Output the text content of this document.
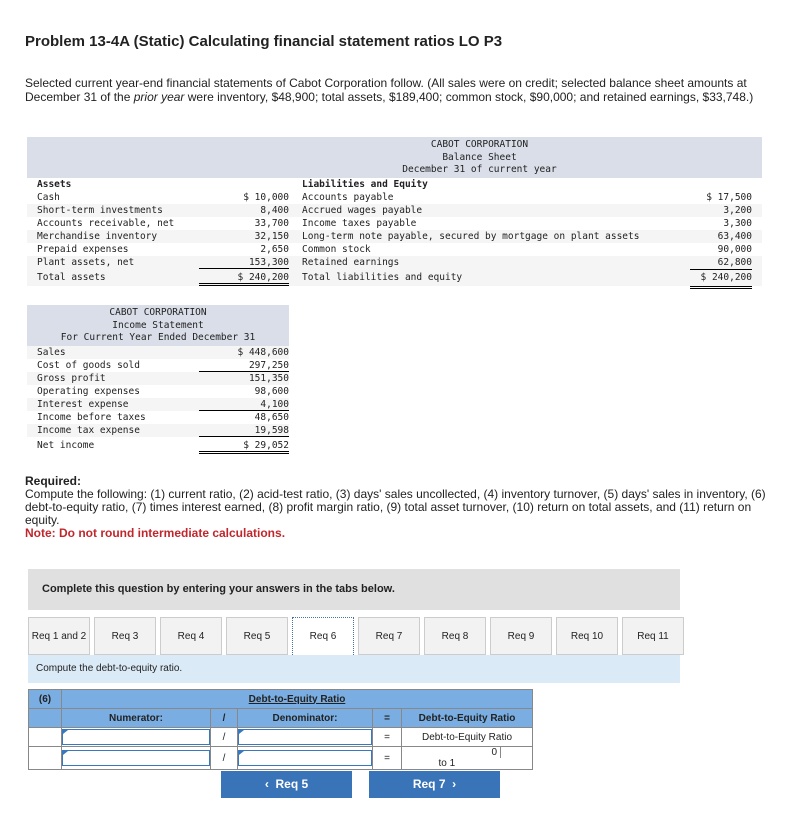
Problem 13-4A (Static) Calculating financial statement ratios LO P3
Selected current year-end financial statements of Cabot Corporation follow. (All sales were on credit; selected balance sheet amounts at December 31 of the prior year were inventory, $48,900; total assets, $189,400; common stock, $90,000; and retained earnings, $33,748.)
CABOT CORPORATION
Balance Sheet
December 31 of current year
Assets	Liabilities and Equity
Cash	$ 10,000	Accounts payable	$ 17,500
Short-term investments	8,400	Accrued wages payable	3,200
Accounts receivable, net	33,700	Income taxes payable	3,300
Merchandise inventory	32,150	Long-term note payable, secured by mortgage on plant assets	63,400
Prepaid expenses	2,650	Common stock	90,000
Plant assets, net	153,300	Retained earnings	62,800
Total assets	$ 240,200	Total liabilities and equity	$ 240,200
CABOT CORPORATION
Income Statement
For Current Year Ended December 31
Sales	$ 448,600
Cost of goods sold	297,250
Gross profit	151,350
Operating expenses	98,600
Interest expense	4,100
Income before taxes	48,650
Income tax expense	19,598
Net income	$ 29,052
Required:
Compute the following: (1) current ratio, (2) acid-test ratio, (3) days' sales uncollected, (4) inventory turnover, (5) days' sales in inventory, (6) debt-to-equity ratio, (7) times interest earned, (8) profit margin ratio, (9) total asset turnover, (10) return on total assets, and (11) return on equity.
Note: Do not round intermediate calculations.
Complete this question by entering your answers in the tabs below.
Req 1 and 2	Req 3	Req 4	Req 5	Req 6	Req 7	Req 8	Req 9	Req 10	Req 11
Compute the debt-to-equity ratio.
(6)	Debt-to-Equity Ratio				
	Numerator:	/	Denominator:	=	Debt-to-Equity Ratio

	/		=	Debt-to-Equity Ratio

	/		=	0to 1
‹  Req 5	Req 7  ›
